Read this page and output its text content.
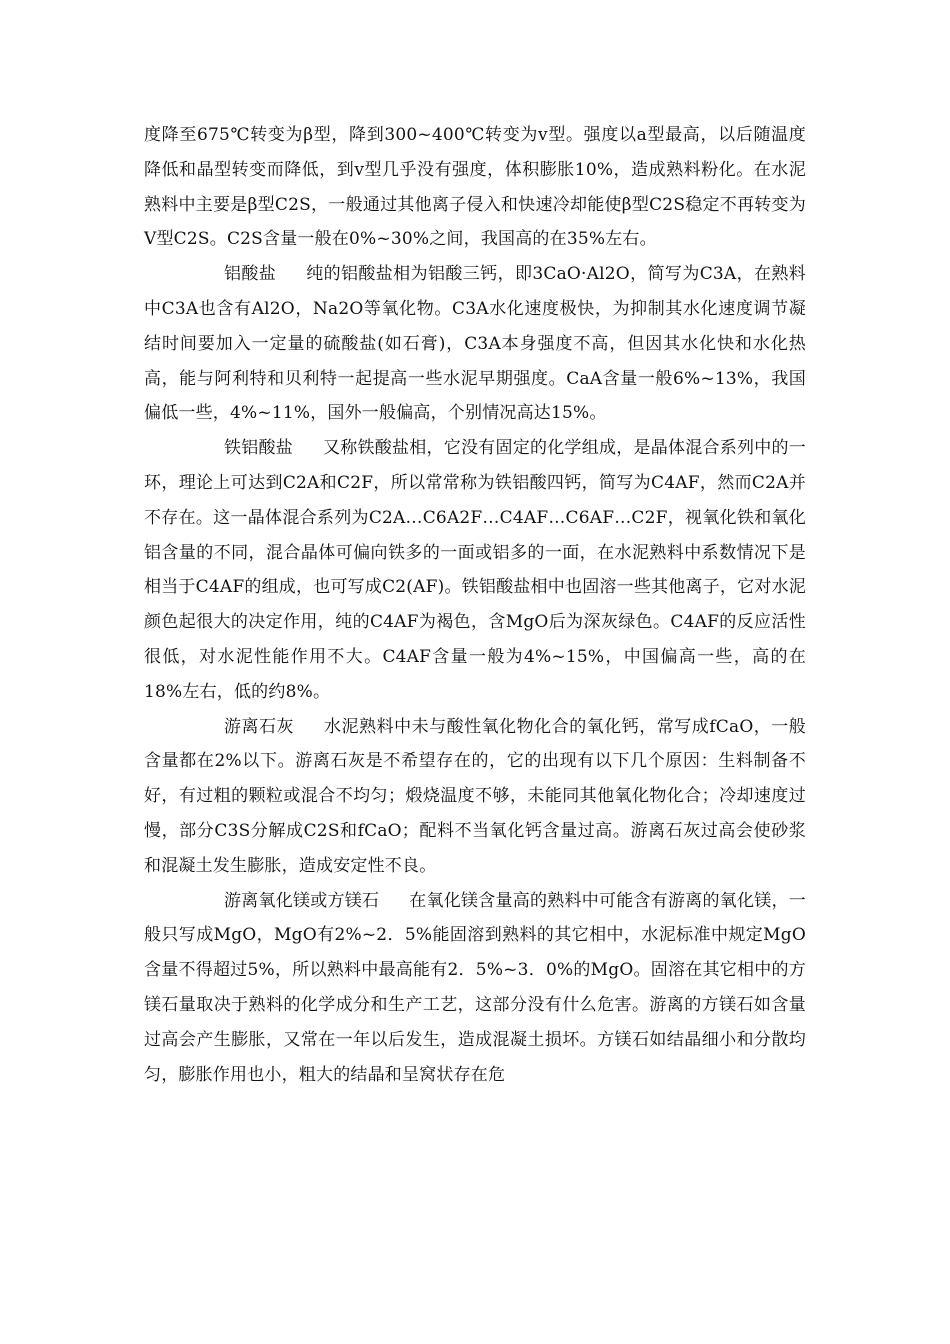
度降至675℃转变为β型，降到300~400℃转变为v型。强度以a型最高，以后随温度降低和晶型转变而降低，到v型几乎没有强度，体积膨胀10%，造成熟料粉化。在水泥熟料中主要是β型C2S，一般通过其他离子侵入和快速冷却能使β型C2S稳定不再转变为V型C2S。C2S含量一般在0%~30%之间，我国高的在35%左右。

铝酸盐 纯的铝酸盐相为铝酸三钙，即3CaO·Al2O，简写为C3A，在熟料中C3A也含有Al2O，Na2O等氧化物。C3A水化速度极快，为抑制其水化速度调节凝结时间要加入一定量的硫酸盐(如石膏)，C3A本身强度不高，但因其水化快和水化热高，能与阿利特和贝利特一起提高一些水泥早期强度。CaA含量一般6%~13%，我国偏低一些，4%~11%，国外一般偏高，个别情况高达15%。

铁铝酸盐 又称铁酸盐相，它没有固定的化学组成，是晶体混合系列中的一环，理论上可达到C2A和C2F，所以常常称为铁铝酸四钙，简写为C4AF，然而C2A并不存在。这一晶体混合系列为C2A…C6A2F…C4AF…C6AF…C2F，视氧化铁和氧化铝含量的不同，混合晶体可偏向铁多的一面或铝多的一面，在水泥熟料中系数情况下是相当于C4AF的组成，也可写成C2(AF)。铁铝酸盐相中也固溶一些其他离子，它对水泥颜色起很大的决定作用，纯的C4AF为褐色，含MgO后为深灰绿色。C4AF的反应活性很低，对水泥性能作用不大。C4AF含量一般为4%~15%，中国偏高一些，高的在18%左右，低的约8%。

游离石灰 水泥熟料中未与酸性氧化物化合的氧化钙，常写成fCaO，一般含量都在2%以下。游离石灰是不希望存在的，它的出现有以下几个原因：生料制备不好，有过粗的颗粒或混合不均匀；煅烧温度不够，未能同其他氧化物化合；冷却速度过慢，部分C3S分解成C2S和fCaO；配料不当氧化钙含量过高。游离石灰过高会使砂浆和混凝土发生膨胀，造成安定性不良。

游离氧化镁或方镁石 在氧化镁含量高的熟料中可能含有游离的氧化镁，一般只写成MgO，MgO有2%~2．5%能固溶到熟料的其它相中，水泥标准中规定MgO含量不得超过5%，所以熟料中最高能有2．5%~3．0%的MgO。固溶在其它相中的方镁石量取决于熟料的化学成分和生产工艺，这部分没有什么危害。游离的方镁石如含量过高会产生膨胀，又常在一年以后发生，造成混凝土损坏。方镁石如结晶细小和分散均匀，膨胀作用也小，粗大的结晶和呈窝状存在危
